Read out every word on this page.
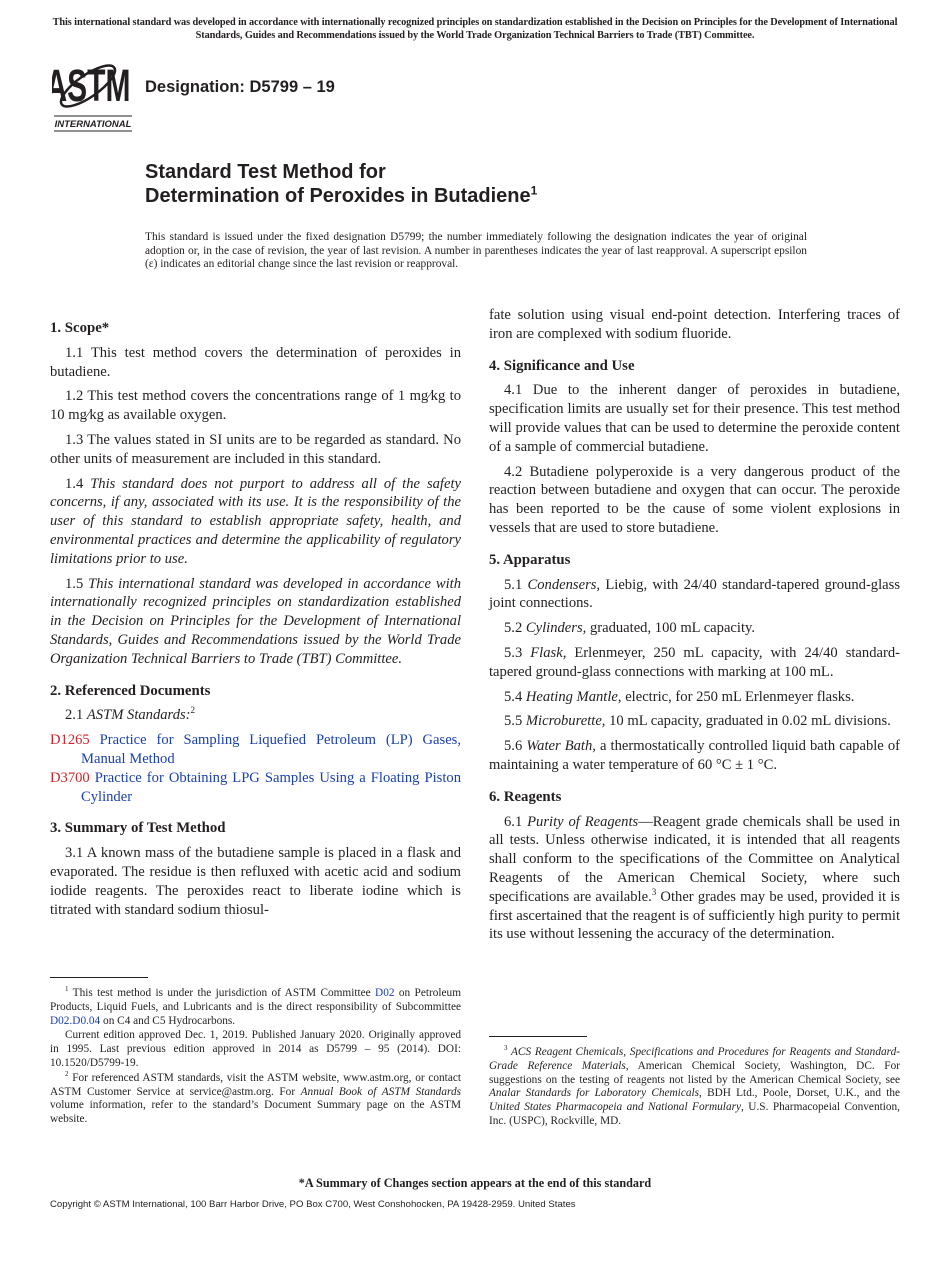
This international standard was developed in accordance with internationally recognized principles on standardization established in the Decision on Principles for the Development of International Standards, Guides and Recommendations issued by the World Trade Organization Technical Barriers to Trade (TBT) Committee.
ASTM
INTERNATIONAL
Designation: D5799 – 19
Standard Test Method for
Determination of Peroxides in Butadiene$^1$
This standard is issued under the fixed designation D5799; the number immediately following the designation indicates the year of original adoption or, in the case of revision, the year of last revision. A number in parentheses indicates the year of last reapproval. A superscript epsilon (ε) indicates an editorial change since the last revision or reapproval.
1. Scope*

1.1 This test method covers the determination of peroxides in butadiene.

1.2 This test method covers the concentrations range of 1 mg⁄kg to 10 mg⁄kg as available oxygen.

1.3 The values stated in SI units are to be regarded as standard. No other units of measurement are included in this standard.

1.4 This standard does not purport to address all of the safety concerns, if any, associated with its use. It is the responsibility of the user of this standard to establish appropriate safety, health, and environmental practices and determine the applicability of regulatory limitations prior to use.

1.5 This international standard was developed in accordance with internationally recognized principles on standardization established in the Decision on Principles for the Development of International Standards, Guides and Recommendations issued by the World Trade Organization Technical Barriers to Trade (TBT) Committee.

2. Referenced Documents

2.1 ASTM Standards:$^2$

D1265 Practice for Sampling Liquefied Petroleum (LP) Gases, Manual Method

D3700 Practice for Obtaining LPG Samples Using a Floating Piston Cylinder

3. Summary of Test Method

3.1 A known mass of the butadiene sample is placed in a flask and evaporated. The residue is then refluxed with acetic acid and sodium iodide reagents. The peroxides react to liberate iodine which is titrated with standard sodium thiosul-

fate solution using visual end-point detection. Interfering traces of iron are complexed with sodium fluoride.

4. Significance and Use

4.1 Due to the inherent danger of peroxides in butadiene, specification limits are usually set for their presence. This test method will provide values that can be used to determine the peroxide content of a sample of commercial butadiene.

4.2 Butadiene polyperoxide is a very dangerous product of the reaction between butadiene and oxygen that can occur. The peroxide has been reported to be the cause of some violent explosions in vessels that are used to store butadiene.

5. Apparatus

5.1 Condensers, Liebig, with 24/40 standard-tapered ground-glass joint connections.

5.2 Cylinders, graduated, 100 mL capacity.

5.3 Flask, Erlenmeyer, 250 mL capacity, with 24/40 standard-tapered ground-glass connections with marking at 100 mL.

5.4 Heating Mantle, electric, for 250 mL Erlenmeyer flasks.

5.5 Microburette, 10 mL capacity, graduated in 0.02 mL divisions.

5.6 Water Bath, a thermostatically controlled liquid bath capable of maintaining a water temperature of 60 °C ± 1 °C.

6. Reagents

6.1 Purity of Reagents—Reagent grade chemicals shall be used in all tests. Unless otherwise indicated, it is intended that all reagents shall conform to the specifications of the Committee on Analytical Reagents of the American Chemical Society, where such specifications are available.$^3$ Other grades may be used, provided it is first ascertained that the reagent is of sufficiently high purity to permit its use without lessening the accuracy of the determination.

$^1$ This test method is under the jurisdiction of ASTM Committee D02 on Petroleum Products, Liquid Fuels, and Lubricants and is the direct responsibility of Subcommittee D02.D0.04 on C4 and C5 Hydrocarbons.

Current edition approved Dec. 1, 2019. Published January 2020. Originally approved in 1995. Last previous edition approved in 2014 as D5799 – 95 (2014). DOI: 10.1520/D5799-19.

$^2$ For referenced ASTM standards, visit the ASTM website, www.astm.org, or contact ASTM Customer Service at service@astm.org. For Annual Book of ASTM Standards volume information, refer to the standard’s Document Summary page on the ASTM website.

$^3$ ACS Reagent Chemicals, Specifications and Procedures for Reagents and Standard-Grade Reference Materials, American Chemical Society, Washington, DC. For suggestions on the testing of reagents not listed by the American Chemical Society, see Analar Standards for Laboratory Chemicals, BDH Ltd., Poole, Dorset, U.K., and the United States Pharmacopeia and National Formulary, U.S. Pharmacopeial Convention, Inc. (USPC), Rockville, MD.

*A Summary of Changes section appears at the end of this standard
Copyright © ASTM International, 100 Barr Harbor Drive, PO Box C700, West Conshohocken, PA 19428-2959. United States
